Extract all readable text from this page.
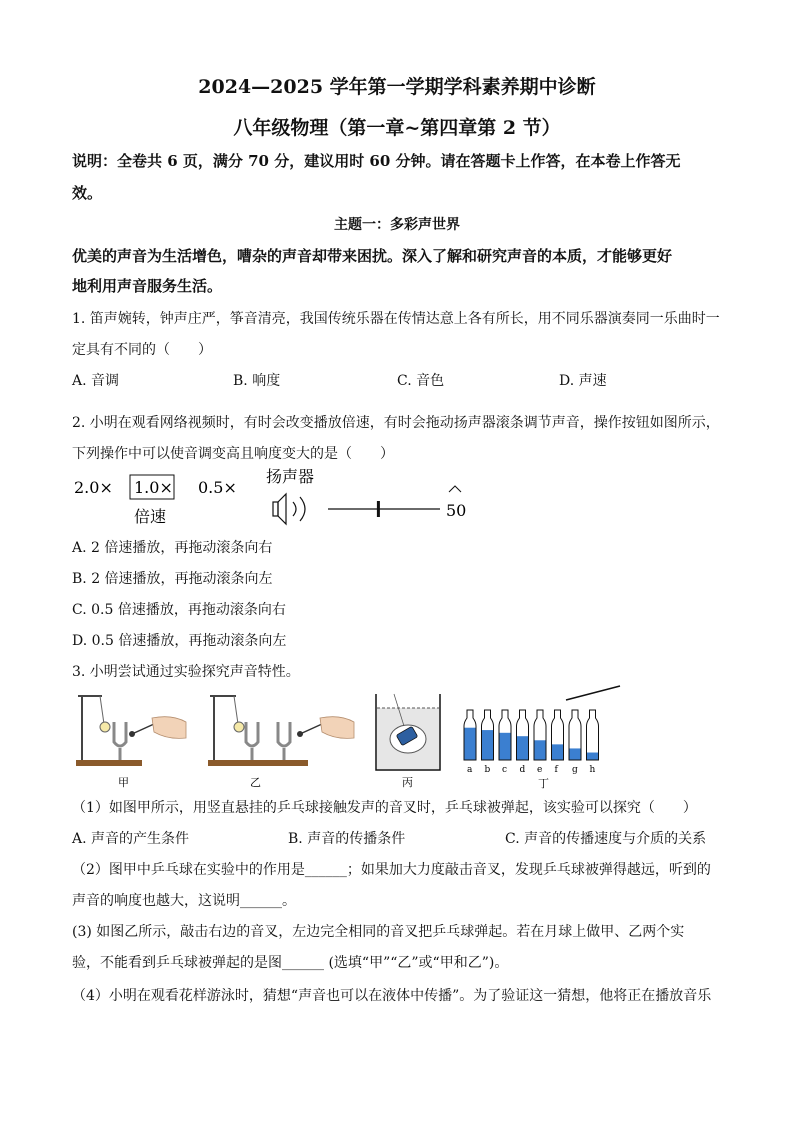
2024—2025 学年第一学期学科素养期中诊断
八年级物理（第一章~第四章第 2 节）
说明：全卷共 6 页，满分 70 分，建议用时 60 分钟。请在答题卡上作答，在本卷上作答无
效。
主题一：多彩声世界
优美的声音为生活增色，嘈杂的声音却带来困扰。深入了解和研究声音的本质，才能够更好
地利用声音服务生活。
1. 笛声婉转，钟声庄严，筝音清亮，我国传统乐器在传情达意上各有所长，用不同乐器演奏同一乐曲时一
定具有不同的（　　）
A. 音调	B. 响度	C. 音色	D. 声速
2. 小明在观看网络视频时，有时会改变播放倍速，有时会拖动扬声器滚条调节声音，操作按钮如图所示，
下列操作中可以使音调变高且响度变大的是（　　）
2.0× 1.0× 0.5×
倍速
扬声器
50
A. 2 倍速播放，再拖动滚条向右
B. 2 倍速播放，再拖动滚条向左
C. 0.5 倍速播放，再拖动滚条向右
D. 0.5 倍速播放，再拖动滚条向左
3. 小明尝试通过实验探究声音特性。
甲	乙	丙
a b c d e f g h
丁
（1）如图甲所示，用竖直悬挂的乒乓球接触发声的音叉时，乒乓球被弹起，该实验可以探究（　　）
A. 声音的产生条件	B. 声音的传播条件	C. 声音的传播速度与介质的关系
（2）图甲中乒乓球在实验中的作用是______；如果加大力度敲击音叉，发现乒乓球被弹得越远，听到的
声音的响度也越大，这说明______。
(3) 如图乙所示，敲击右边的音叉，左边完全相同的音叉把乒乓球弹起。若在月球上做甲、乙两个实
验，不能看到乒乓球被弹起的是图______ (选填“甲”“乙”或“甲和乙”)。
（4）小明在观看花样游泳时，猜想“声音也可以在液体中传播”。为了验证这一猜想，他将正在播放音乐
